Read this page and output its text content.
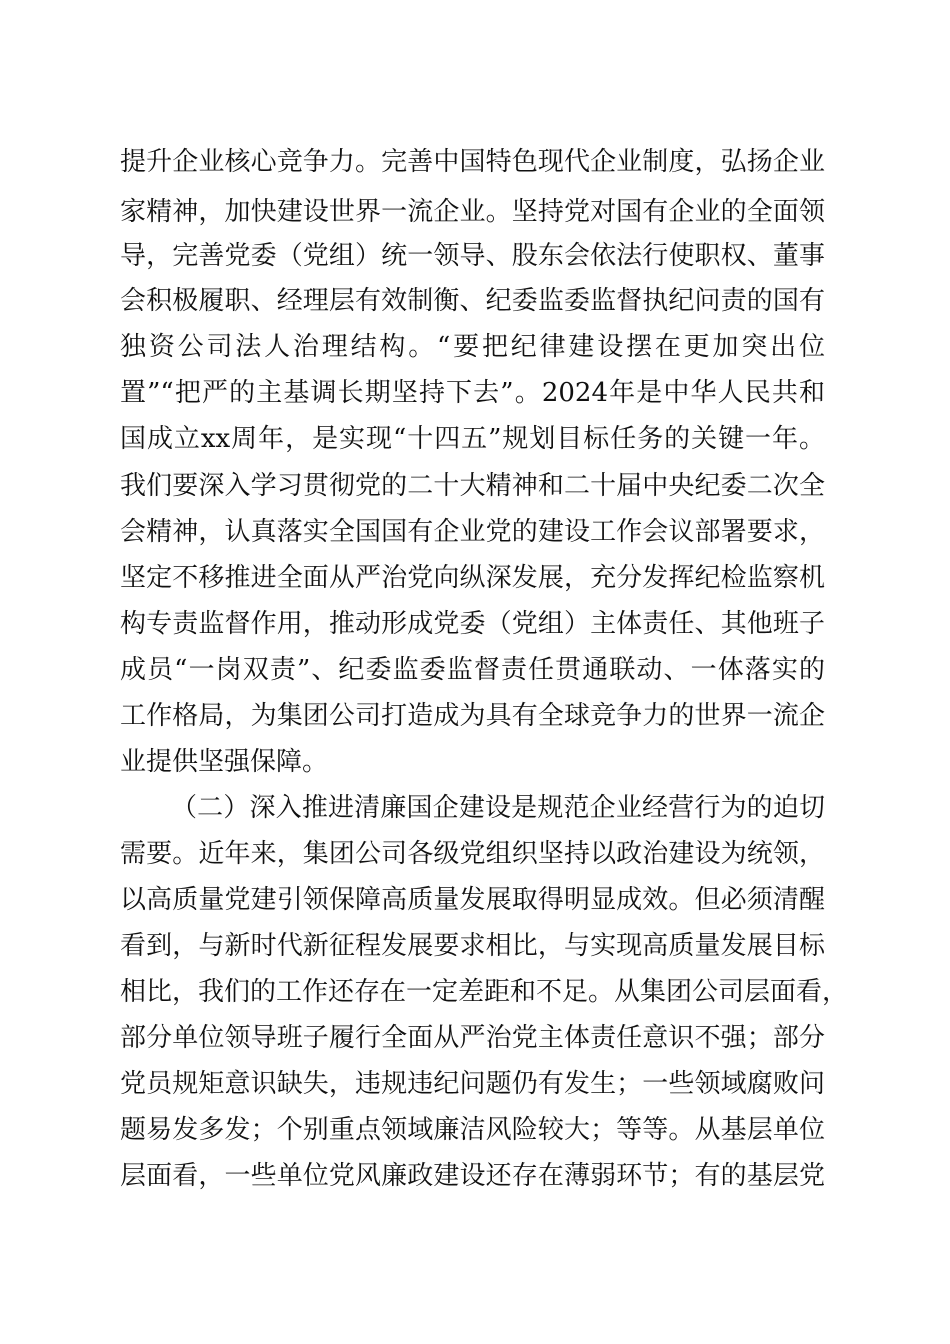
提升企业核心竞争力。完善中国特色现代企业制度，弘扬企业
家精神，加快建设世界一流企业。坚持党对国有企业的全面领
导，完善党委（党组）统一领导、股东会依法行使职权、董事
会积极履职、经理层有效制衡、纪委监委监督执纪问责的国有
独资公司法人治理结构。“要把纪律建设摆在更加突出位
置”“把严的主基调长期坚持下去”。2024年是中华人民共和
国成立xx周年，是实现“十四五”规划目标任务的关键一年。
我们要深入学习贯彻党的二十大精神和二十届中央纪委二次全
会精神，认真落实全国国有企业党的建设工作会议部署要求，
坚定不移推进全面从严治党向纵深发展，充分发挥纪检监察机
构专责监督作用，推动形成党委（党组）主体责任、其他班子
成员“一岗双责”、纪委监委监督责任贯通联动、一体落实的
工作格局，为集团公司打造成为具有全球竞争力的世界一流企
业提供坚强保障。
（二）深入推进清廉国企建设是规范企业经营行为的迫切
需要。近年来，集团公司各级党组织坚持以政治建设为统领，
以高质量党建引领保障高质量发展取得明显成效。但必须清醒
看到，与新时代新征程发展要求相比，与实现高质量发展目标
相比，我们的工作还存在一定差距和不足。从集团公司层面看，
部分单位领导班子履行全面从严治党主体责任意识不强；部分
党员规矩意识缺失，违规违纪问题仍有发生；一些领域腐败问
题易发多发；个别重点领域廉洁风险较大；等等。从基层单位
层面看，一些单位党风廉政建设还存在薄弱环节；有的基层党
